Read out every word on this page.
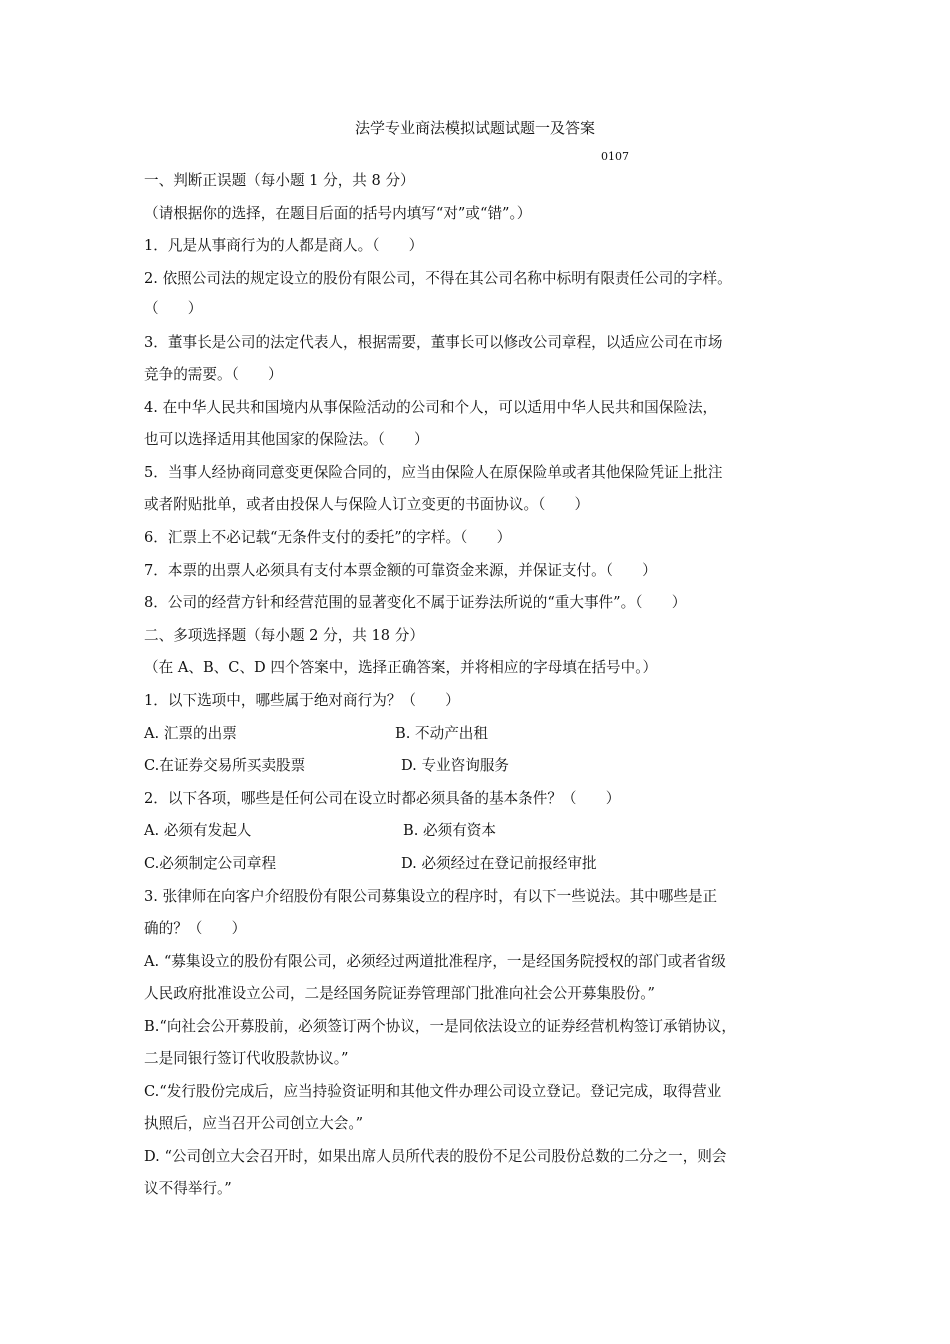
法学专业商法模拟试题试题一及答案
0107
一、判断正误题（每小题 1 分，共 8 分）
（请根据你的选择，在题目后面的括号内填写“对”或“错”。）
1．凡是从事商行为的人都是商人。（　　）
2. 依照公司法的规定设立的股份有限公司，不得在其公司名称中标明有限责任公司的字样。
（　　）
3．董事长是公司的法定代表人，根据需要，董事长可以修改公司章程，以适应公司在市场
竞争的需要。（　　）
4. 在中华人民共和国境内从事保险活动的公司和个人，可以适用中华人民共和国保险法，
也可以选择适用其他国家的保险法。（　　）
5．当事人经协商同意变更保险合同的，应当由保险人在原保险单或者其他保险凭证上批注
或者附贴批单，或者由投保人与保险人订立变更的书面协议。（　　）
6．汇票上不必记载“无条件支付的委托”的字样。（　　）
7．本票的出票人必须具有支付本票金额的可靠资金来源，并保证支付。（　　）
8．公司的经营方针和经营范围的显著变化不属于证券法所说的“重大事件”。（　　）
二、多项选择题（每小题 2 分，共 18 分）
（在 A、B、C、D 四个答案中，选择正确答案，并将相应的字母填在括号中。）
1．以下选项中，哪些属于绝对商行为？（　　）
A. 汇票的出票	B. 不动产出租
C.在证券交易所买卖股票	D. 专业咨询服务
2．以下各项，哪些是任何公司在设立时都必须具备的基本条件？（　　）
A. 必须有发起人	B. 必须有资本
C.必须制定公司章程	D. 必须经过在登记前报经审批
3. 张律师在向客户介绍股份有限公司募集设立的程序时，有以下一些说法。其中哪些是正
确的？（　　）
A. “募集设立的股份有限公司，必须经过两道批准程序，一是经国务院授权的部门或者省级
人民政府批准设立公司，二是经国务院证券管理部门批准向社会公开募集股份。”
B.“向社会公开募股前，必须签订两个协议，一是同依法设立的证券经营机构签订承销协议，
二是同银行签订代收股款协议。”
C.“发行股份完成后，应当持验资证明和其他文件办理公司设立登记。登记完成，取得营业
执照后，应当召开公司创立大会。”
D. “公司创立大会召开时，如果出席人员所代表的股份不足公司股份总数的二分之一，则会
议不得举行。”
